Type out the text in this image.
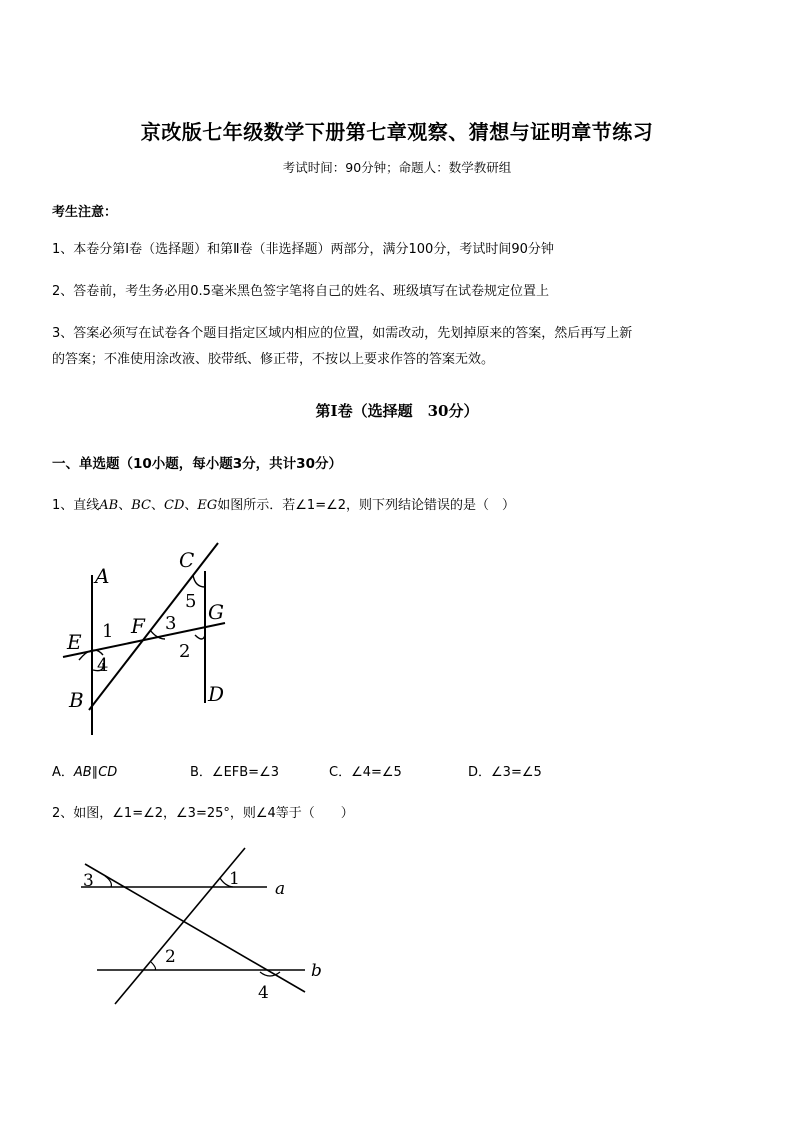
京改版七年级数学下册第七章观察、猜想与证明章节练习
考试时间：90分钟；命题人：数学教研组
考生注意：
1、本卷分第Ⅰ卷（选择题）和第Ⅱ卷（非选择题）两部分，满分100分，考试时间90分钟
2、答卷前，考生务必用0.5毫米黑色签字笔将自己的姓名、班级填写在试卷规定位置上
3、答案必须写在试卷各个题目指定区域内相应的位置，如需改动，先划掉原来的答案，然后再写上新
的答案；不准使用涂改液、胶带纸、修正带，不按以上要求作答的答案无效。
第Ⅰ卷（选择题　30分）
一、单选题（10小题，每小题3分，共计30分）
1、直线AB、BC、CD、EG如图所示．若∠1=∠2，则下列结论错误的是（　）
A
B
C
D
E
F
G
1
2
3
4
5
A．AB∥CD	B．∠EFB=∠3	C．∠4=∠5	D．∠3=∠5
2、如图，∠1=∠2，∠3=25°，则∠4等于（　　）
3	1 a
2
b
4
